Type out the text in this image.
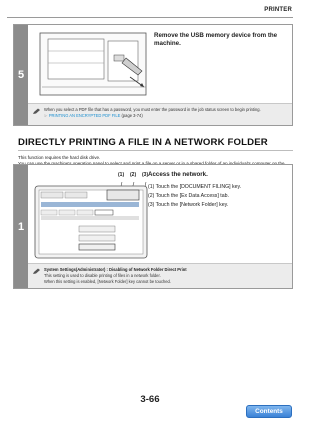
PRINTER
5
Remove the USB memory device from the machine.
When you select a PDF file that has a password, you must enter the password in the job status screen to begin printing.
☞ PRINTING AN ENCRYPTED PDF FILE (page 3-74)
DIRECTLY PRINTING A FILE IN A NETWORK FOLDER
This function requires the hard disk drive.
1
Access the network.
(1) (2) (3)
System Settings(Administrator) : Disabling of Network Folder Direct Print
This setting is used to disable printing of files in a network folder.
When this setting is enabled, [Network Folder] key cannot be touched.
(1) Touch the [DOCUMENT FILING] key.
(2) Touch the [Ex Data Access] tab.
(3) Touch the [Network Folder] key.
3-66
Contents
